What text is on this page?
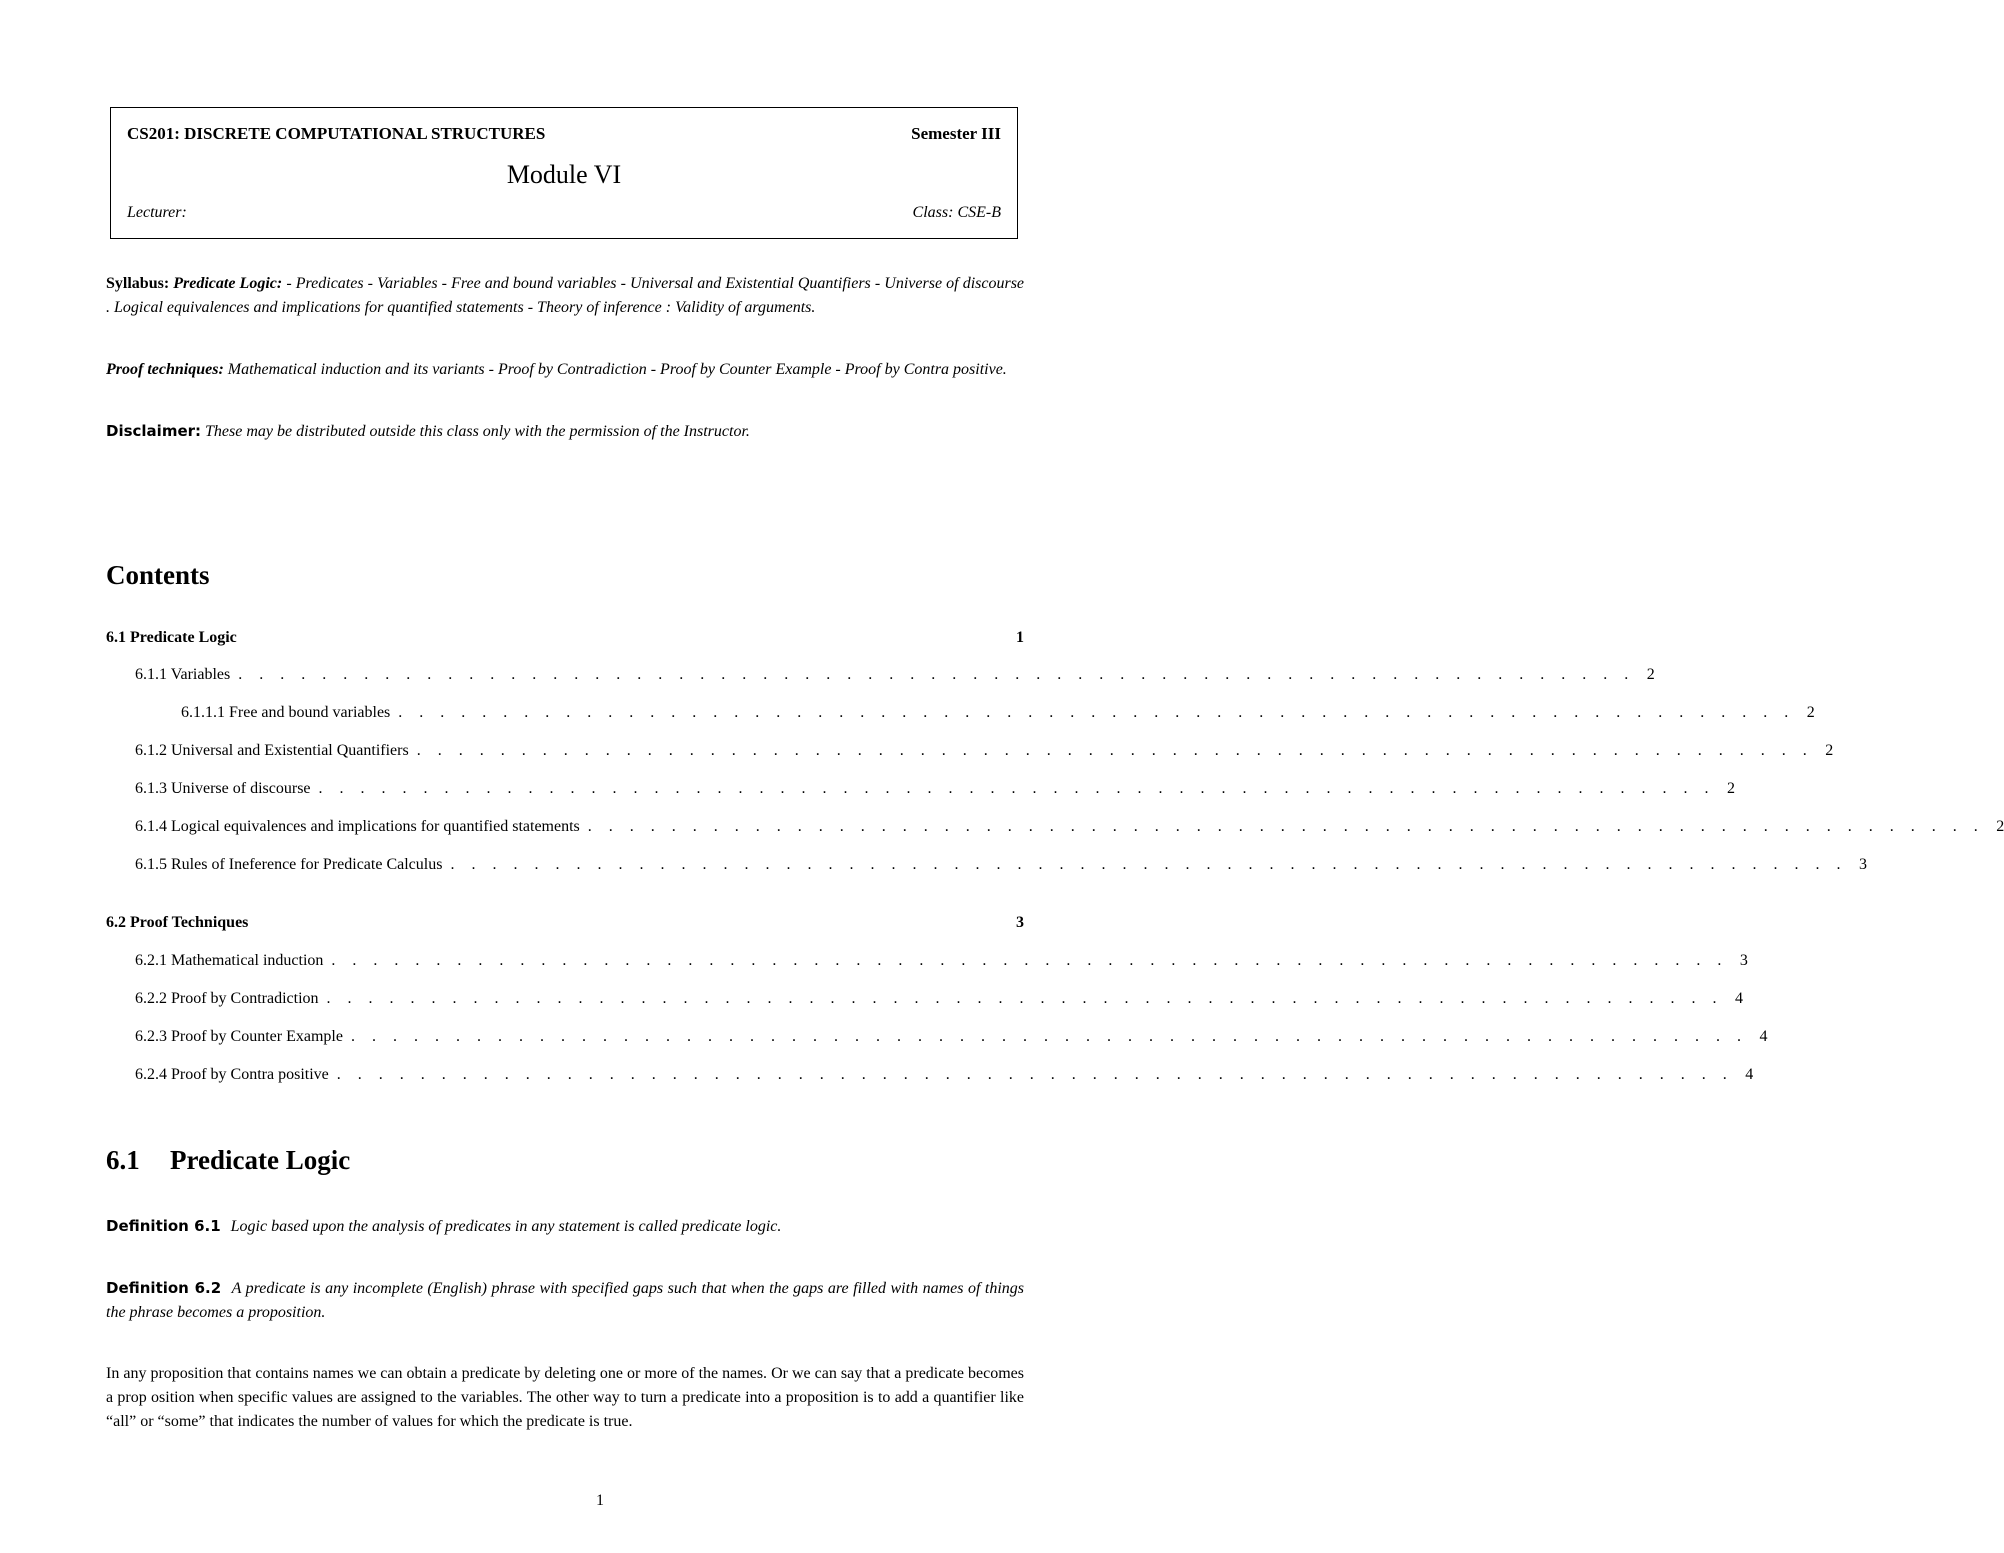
CS201: DISCRETE COMPUTATIONAL STRUCTURES	Semester III
Module VI
Lecturer:	Class: CSE-B
Syllabus: Predicate Logic: - Predicates - Variables - Free and bound variables - Universal and Existential Quantifiers - Universe of discourse . Logical equivalences and implications for quantified statements - Theory of inference : Validity of arguments.
Proof techniques: Mathematical induction and its variants - Proof by Contradiction - Proof by Counter Example - Proof by Contra positive.
Disclaimer: These may be distributed outside this class only with the permission of the Instructor.
Contents
6.1 Predicate Logic	1
6.1.1 Variables . . . . . . . . . . . . . . . . . . . . . . . . . . . . . . . . . . . . . . . . . . . . . . . . . . . . . . . . . . . . . . . . . . . 2
6.1.1.1 Free and bound variables . . . . . . . . . . . . . . . . . . . . . . . . . . . . . . . . . . . . . . . . . . . . . . . . . . . . . . . . . . . . . . . . . . . 2
6.1.2 Universal and Existential Quantifiers . . . . . . . . . . . . . . . . . . . . . . . . . . . . . . . . . . . . . . . . . . . . . . . . . . . . . . . . . . . . . . . . . . . 2
6.1.3 Universe of discourse . . . . . . . . . . . . . . . . . . . . . . . . . . . . . . . . . . . . . . . . . . . . . . . . . . . . . . . . . . . . . . . . . . . 2
6.1.4 Logical equivalences and implications for quantified statements . . . . . . . . . . . . . . . . . . . . . . . . . . . . . . . . . . . . . . . . . . . . . . . . . . . . . . . . . . . . . . . . . . . 2
6.1.5 Rules of Ineference for Predicate Calculus . . . . . . . . . . . . . . . . . . . . . . . . . . . . . . . . . . . . . . . . . . . . . . . . . . . . . . . . . . . . . . . . . . . 3
6.2 Proof Techniques	3
6.2.1 Mathematical induction . . . . . . . . . . . . . . . . . . . . . . . . . . . . . . . . . . . . . . . . . . . . . . . . . . . . . . . . . . . . . . . . . . . 3
6.2.2 Proof by Contradiction . . . . . . . . . . . . . . . . . . . . . . . . . . . . . . . . . . . . . . . . . . . . . . . . . . . . . . . . . . . . . . . . . . . 4
6.2.3 Proof by Counter Example . . . . . . . . . . . . . . . . . . . . . . . . . . . . . . . . . . . . . . . . . . . . . . . . . . . . . . . . . . . . . . . . . . . 4
6.2.4 Proof by Contra positive . . . . . . . . . . . . . . . . . . . . . . . . . . . . . . . . . . . . . . . . . . . . . . . . . . . . . . . . . . . . . . . . . . . 4
6.1 Predicate Logic
Definition 6.1 Logic based upon the analysis of predicates in any statement is called predicate logic.
Definition 6.2 A predicate is any incomplete (English) phrase with specified gaps such that when the gaps are filled with names of things the phrase becomes a proposition.
In any proposition that contains names we can obtain a predicate by deleting one or more of the names. Or we can say that a predicate becomes a prop osition when specific values are assigned to the variables. The other way to turn a predicate into a proposition is to add a quantifier like “all” or “some” that indicates the number of values for which the predicate is true.
1
